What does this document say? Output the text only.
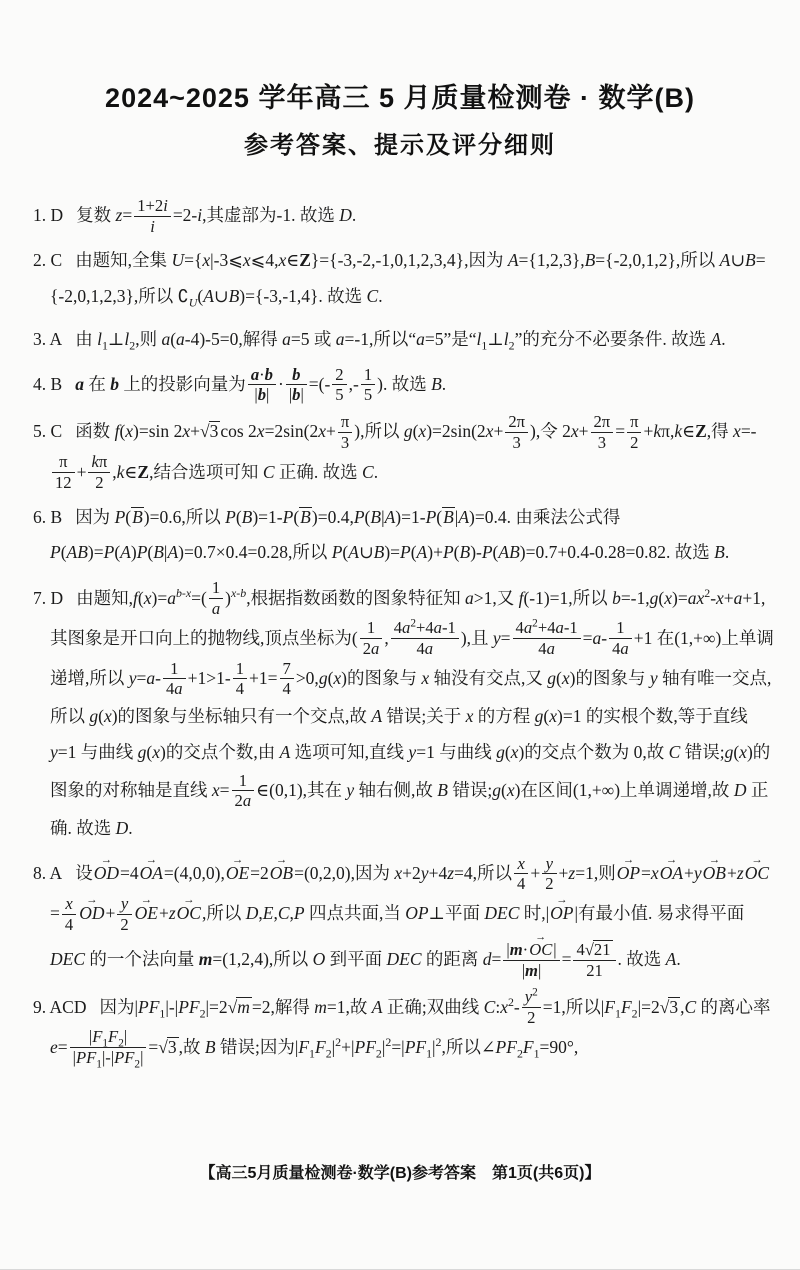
2024~2025 学年高三 5 月质量检测卷 · 数学(B)
参考答案、提示及评分细则
1. D 复数 $z= \frac{1+2i}{i} =2-i$,其虚部为-1. 故选 D.
2. C 由题知,全集 U={x|-3⩽x⩽4,x∈Z}={-3,-2,-1,0,1,2,3,4},因为 A={1,2,3},B={-2,0,1,2},所以 A∪B={-2,0,1,2,3},所以 $∁_U(A\cup B)=\{-3,-1,4\}$. 故选 C.
3. A 由 $l_1\perp l_2$,则 a(a-4)-5=0,解得 a=5 或 a=-1,所以“a=5”是“$l_1\perp l_2$”的充分不必要条件. 故选 A.
4. B a 在 b 上的投影向量为 $\frac{a\cdot b}{|b|} \cdot \frac{b}{|b|}$ =(- $\frac{2}{5}$ ,- $\frac{1}{5}$ ). 故选 B.
5. C 函数 f(x)=sin 2x+√3 $\cos 2x=2\sin(2x+ \frac{\pi}{3}$ ),所以 $g(x)=2\sin(2x+ \frac{2\pi}{3}$ ),令 $2x+ \frac{2\pi}{3} = \frac{\pi}{2}$ +kπ,k∈Z,得 x=-
$\frac{\pi}{12} + \frac{k\pi}{2}$ ,k∈Z,结合选项可知 C 正确. 故选 C.
6. B 因为 P(B)=0.6,所以 P(B)=1-P(B)=0.4,P(B|A)=1-P(B|A)=0.4. 由乘法公式得 P(AB)=P(A)P(B|A)=0.7×0.4=0.28,所以 P(A∪B)=P(A)+P(B)-P(AB)=0.7+0.4-0.28=0.82. 故选 B.
7. D 由题知$,f(x)=a^{b-x}=( \frac{1}{a} )^{x-b}$,根据指数函数的图象特征知 a>1,又 f(-1)=1,所以 $b=-1,g(x)=ax^2-x+a+1$,其图象是开口向上的抛物线,顶点坐标为( $\frac{1}{2a}$ , $\frac{4a^2+4a-1}{4a}$ ),且 $y= \frac{4a^2+4a-1}{4a} =a- \frac{1}{4a} +1$ 在(1,+∞)上单调递增,所以 $y=a- \frac{1}{4a} +1>1- \frac{1}{4} +1= \frac{7}{4} >0,g(x)$的图象与 x 轴没有交点,又 g(x)的图象与 y 轴有唯一交点,所以 g(x)的图象与坐标轴只有一个交点,故 A 错误;关于 x 的方程 g(x)=1 的实根个数,等于直线 y=1 与曲线 g(x)的交点个数,由 A 选项可知,直线 y=1 与曲线 g(x)的交点个数为 0,故 C 错误;g(x)的图象的对称轴是直线 $x= \frac{1}{2a}$ ∈(0,1),其在 y 轴右侧,故 B 错误;g(x)在区间(1,+∞)上单调递增,故 D 正确. 故选 D.
8. A 设
→
OD =4
→
OA =(4,0,0),
→
OE =2
→
OB =(0,2,0),因为 x+2y+4z=4,所以 $\frac{x}{4} + \frac{y}{2} +z=1$,则
→
OP =x
→
OA +y
→
OB +z
→
OC
= $\frac{x}{4}$ →
OD + $\frac{y}{2}$ →
OE +z
→
OC ,所以 D,E,C,P 四点共面,当 OP⊥平面 DEC 时,|
→
OP |有最小值. 易求得平面 DEC 的一个法向量 m=(1,2,4),所以 O 到平面 DEC 的距离 d= |m·
→
OC |
$|m| = \frac{4√21}{21}$ . 故选 A.
9. ACD 因为$|PF_1|-|PF_2|=2√m =2$,解得 m=1,故 A 正确;双曲线 $C:x^2- \frac{y^2}{2} =1$,所以$|F_1F_2|=2√3$ ,C 的离心率 $e= \frac{|F_1F_2|}{|PF_1|-|PF_2|} =√3$ ,故 B 错误;因为$|F_1F_2|^2+|PF_2|^2=|PF_1|^2$,所以$\angle PF_2F_1=90^\circ$,
【高三5月质量检测卷·数学(B)参考答案　第1页(共6页)】
